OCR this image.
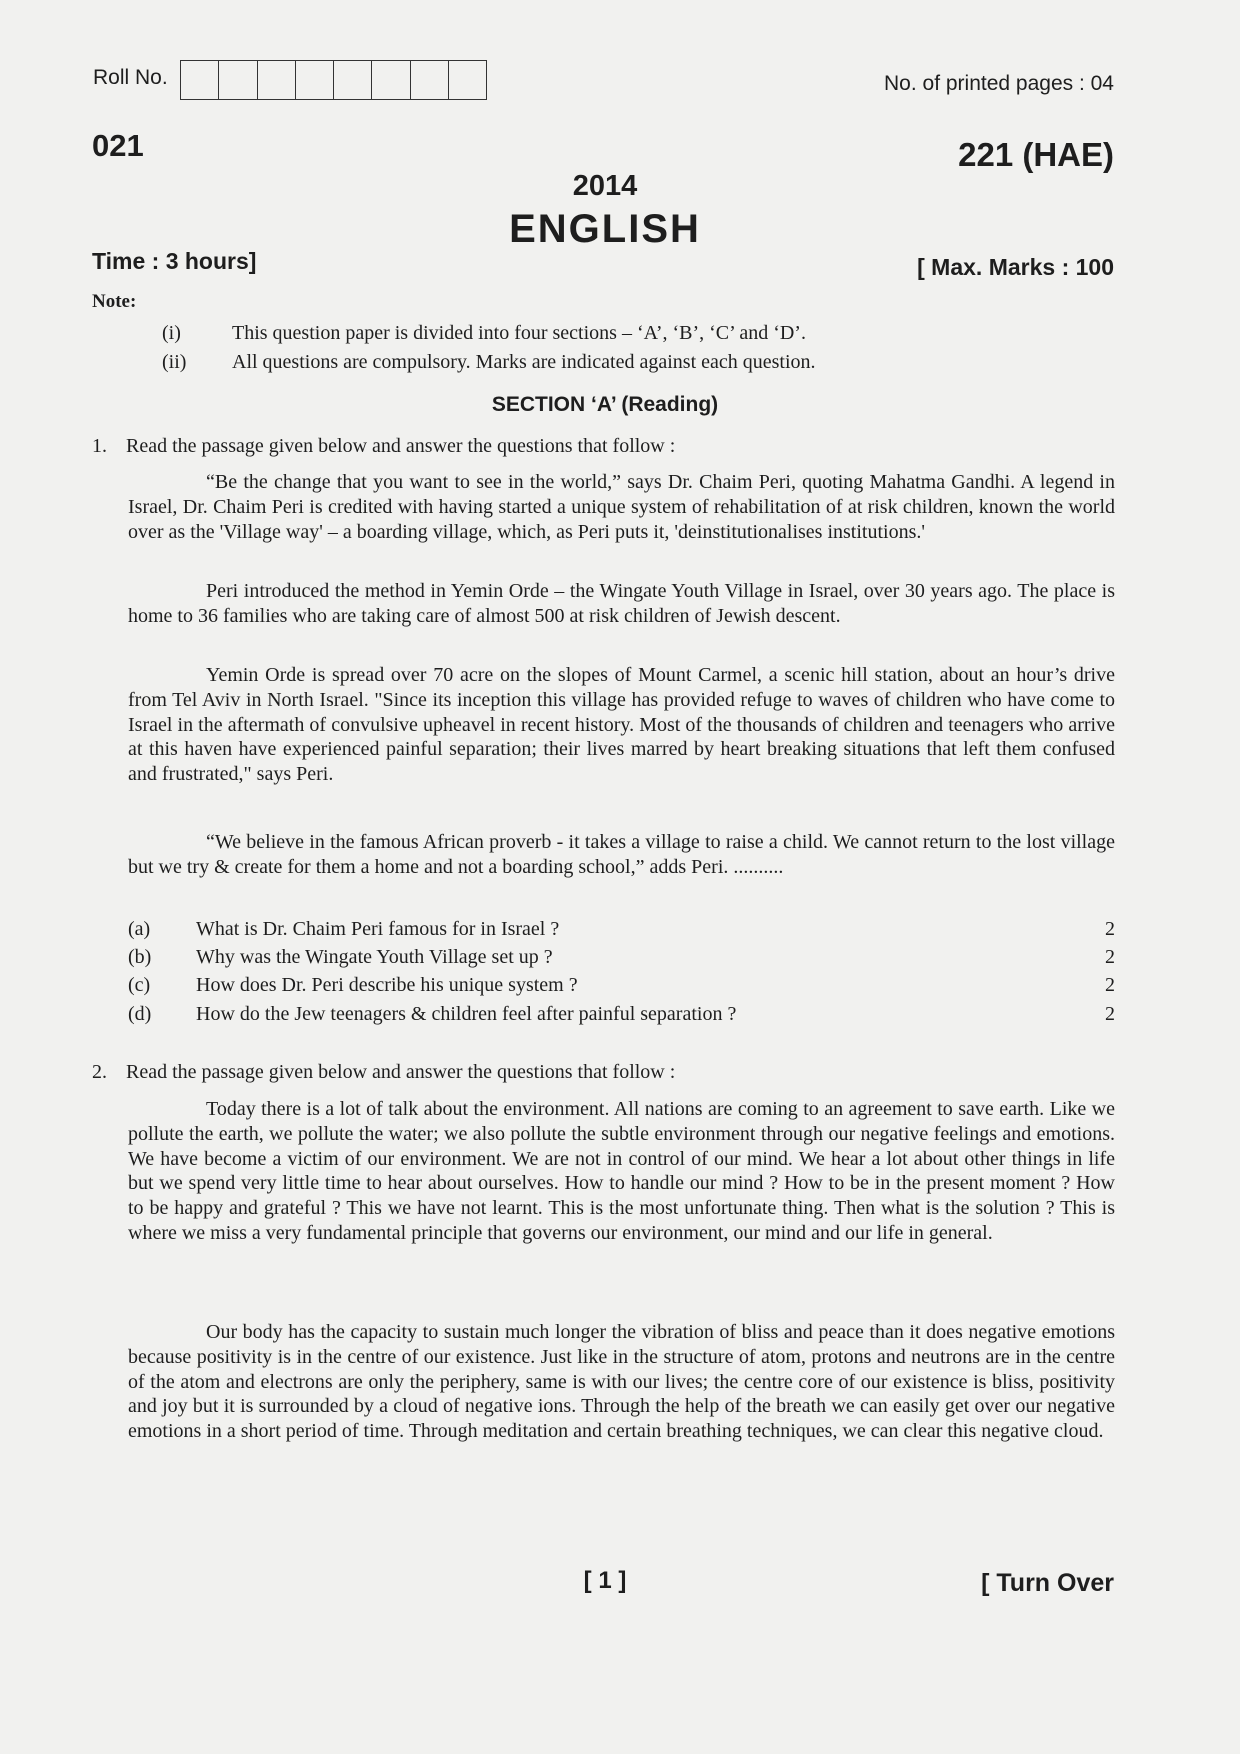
Roll No.	No. of printed pages : 04
021	221 (HAE)
2014
ENGLISH
Time : 3 hours]	[ Max. Marks : 100
Note:
(i)	This question paper is divided into four sections – ‘A’, ‘B’, ‘C’ and ‘D’.
(ii)	All questions are compulsory. Marks are indicated against each question.
SECTION ‘A’ (Reading)
1. Read the passage given below and answer the questions that follow :

“Be the change that you want to see in the world,” says Dr. Chaim Peri, quoting Mahatma Gandhi. A legend in Israel, Dr. Chaim Peri is credited with having started a unique system of rehabilitation of at risk children, known the world over as the 'Village way' – a boarding village, which, as Peri puts it, 'deinstitutionalises institutions.'

Peri introduced the method in Yemin Orde – the Wingate Youth Village in Israel, over 30 years ago. The place is home to 36 families who are taking care of almost 500 at risk children of Jewish descent.

Yemin Orde is spread over 70 acre on the slopes of Mount Carmel, a scenic hill station, about an hour’s drive from Tel Aviv in North Israel. "Since its inception this village has provided refuge to waves of children who have come to Israel in the aftermath of convulsive upheavel in recent history. Most of the thousands of children and teenagers who arrive at this haven have experienced painful separation; their lives marred by heart breaking situations that left them confused and frustrated," says Peri.

“We believe in the famous African proverb - it takes a village to raise a child. We cannot return to the lost village but we try & create for them a home and not a boarding school,” adds Peri. ..........

(a)	What is Dr. Chaim Peri famous for in Israel ?	2
(b)	Why was the Wingate Youth Village set up ?	2
(c)	How does Dr. Peri describe his unique system ?	2
(d)	How do the Jew teenagers & children feel after painful separation ?	2
2. Read the passage given below and answer the questions that follow :

Today there is a lot of talk about the environment. All nations are coming to an agreement to save earth. Like we pollute the earth, we pollute the water; we also pollute the subtle environment through our negative feelings and emotions. We have become a victim of our environment. We are not in control of our mind. We hear a lot about other things in life but we spend very little time to hear about ourselves. How to handle our mind ? How to be in the present moment ? How to be happy and grateful ? This we have not learnt. This is the most unfortunate thing. Then what is the solution ? This is where we miss a very fundamental principle that governs our environment, our mind and our life in general.

Our body has the capacity to sustain much longer the vibration of bliss and peace than it does negative emotions because positivity is in the centre of our existence. Just like in the structure of atom, protons and neutrons are in the centre of the atom and electrons are only the periphery, same is with our lives; the centre core of our existence is bliss, positivity and joy but it is surrounded by a cloud of negative ions. Through the help of the breath we can easily get over our negative emotions in a short period of time. Through meditation and certain breathing techniques, we can clear this negative cloud.

[ 1 ]	[ Turn Over
